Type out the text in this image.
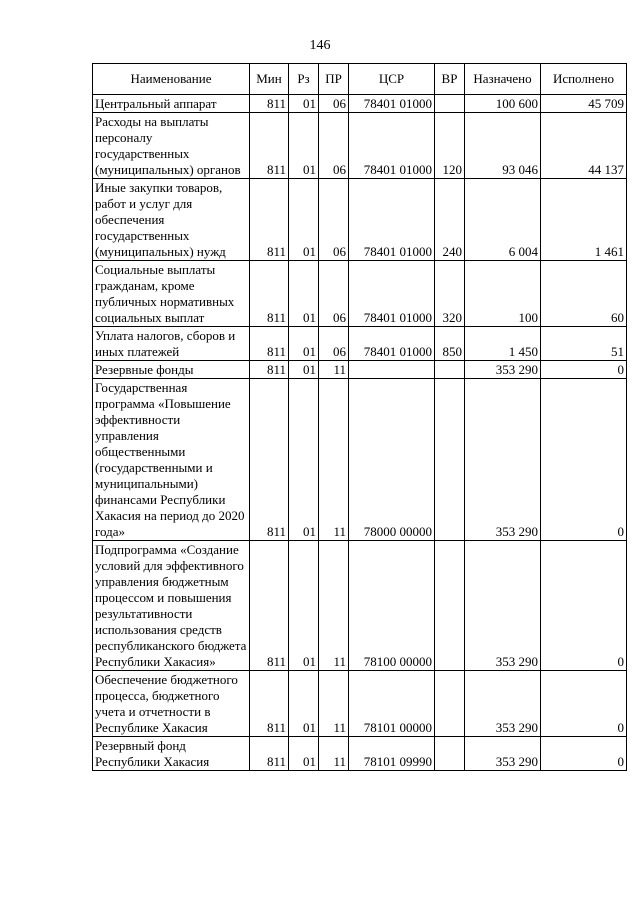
146
Наименование	Мин	Рз	ПР	ЦСР	ВР	Назначено	Исполнено
Центральный аппарат	811	01	06	78401 01000		100 600	45 709
Расходы на выплаты персоналу государственных (муниципальных) органов	811	01	06	78401 01000	120	93 046	44 137
Иные закупки товаров, работ и услуг для обеспечения государственных (муниципальных) нужд	811	01	06	78401 01000	240	6 004	1 461
Социальные выплаты гражданам, кроме публичных нормативных социальных выплат	811	01	06	78401 01000	320	100	60
Уплата налогов, сборов и иных платежей	811	01	06	78401 01000	850	1 450	51
Резервные фонды	811	01	11			353 290	0
Государственная программа «Повышение эффективности управления общественными (государственными и муниципальными) финансами Республики Хакасия на период до 2020 года»	811	01	11	78000 00000		353 290	0
Подпрограмма «Создание условий для эффективного управления бюджетным процессом и повышения результативности использования средств республиканского бюджета Республики Хакасия»	811	01	11	78100 00000		353 290	0
Обеспечение бюджетного процесса, бюджетного учета и отчетности в Республике Хакасия	811	01	11	78101 00000		353 290	0
Резервный фонд Республики Хакасия	811	01	11	78101 09990		353 290	0
